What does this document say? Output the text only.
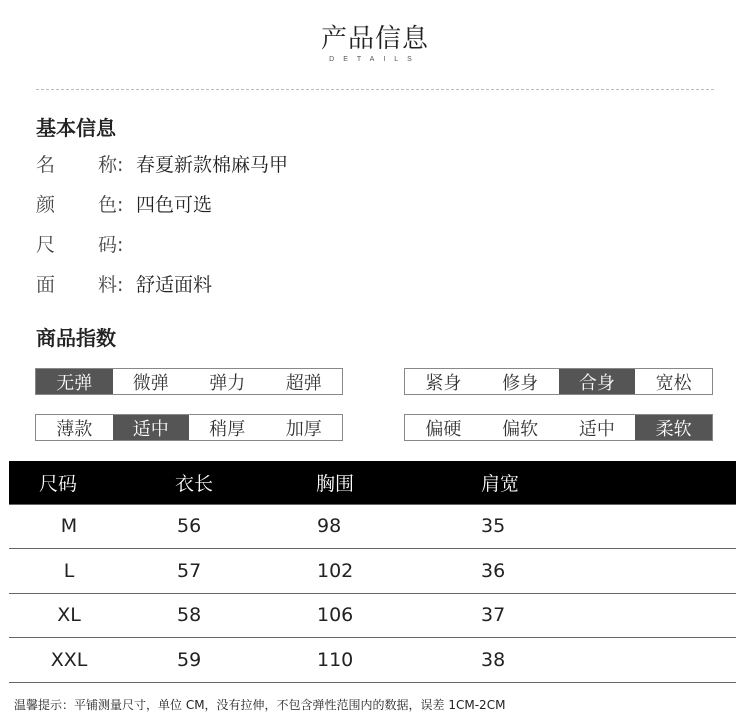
产品信息
DETAILS
基本信息
名 称: 春夏新款棉麻马甲
颜 色: 四色可选
尺 码:
面 料: 舒适面料
商品指数
无弹	微弹	弹力	超弹	紧身	修身	合身	宽松
薄款	适中	稍厚	加厚	偏硬	偏软	适中	柔软
尺码	衣长	胸围	肩宽
M	56	98	35
L	57	102	36
XL	58	106	37
XXL	59	110	38
温馨提示：平铺测量尺寸，单位 CM，没有拉伸，不包含弹性范围内的数据，误差 1CM-2CM
